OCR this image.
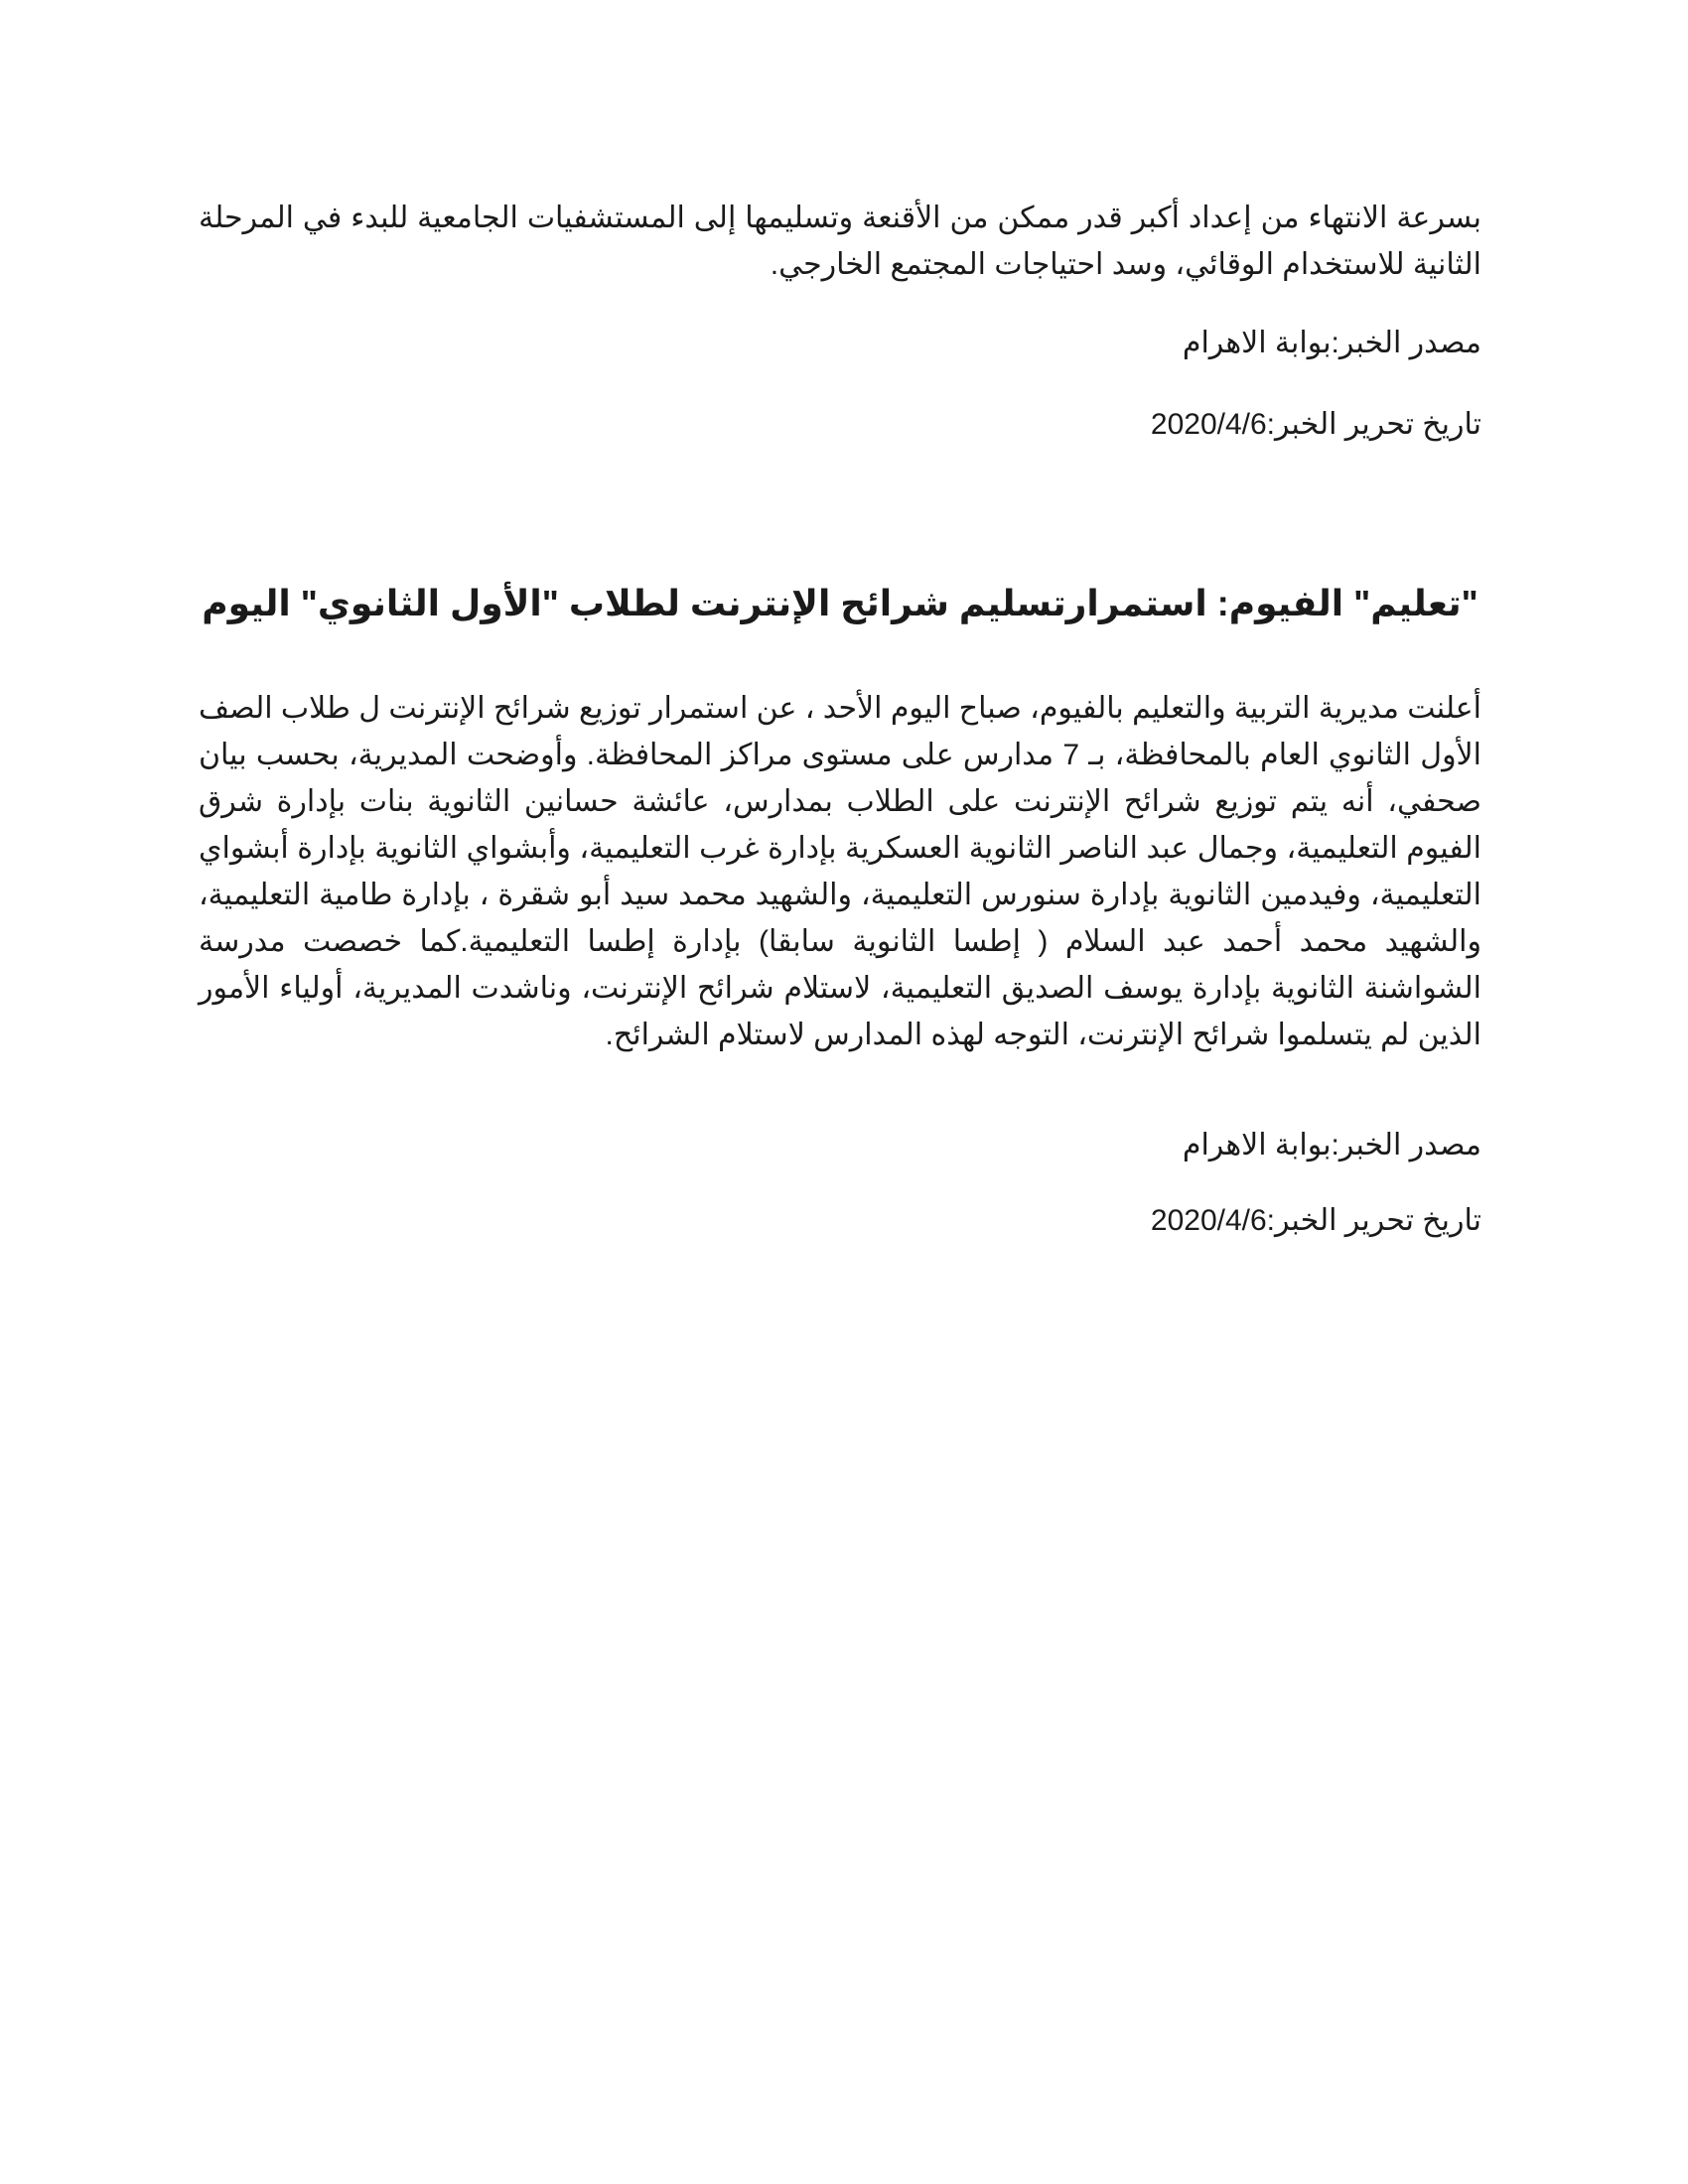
بسرعة الانتهاء من إعداد أكبر قدر ممكن من الأقنعة وتسليمها إلى المستشفيات الجامعية للبدء في المرحلة الثانية للاستخدام الوقائي، وسد احتياجات المجتمع الخارجي.

مصدر الخبر:بوابة الاهرام

تاريخ تحرير الخبر:2020/4/6

"تعليم" الفيوم: استمرارتسليم شرائح الإنترنت لطلاب "الأول الثانوي" اليوم

أعلنت مديرية التربية والتعليم بالفيوم، صباح اليوم الأحد ، عن استمرار توزيع شرائح الإنترنت ل طلاب الصف الأول الثانوي العام بالمحافظة، بـ 7 مدارس على مستوى مراكز المحافظة. وأوضحت المديرية، بحسب بيان صحفي، أنه يتم توزيع شرائح الإنترنت على الطلاب بمدارس، عائشة حسانين الثانوية بنات بإدارة شرق الفيوم التعليمية، وجمال عبد الناصر الثانوية العسكرية بإدارة غرب التعليمية، وأبشواي الثانوية بإدارة أبشواي التعليمية، وفيدمين الثانوية بإدارة سنورس التعليمية، والشهيد محمد سيد أبو شقرة ، بإدارة طامية التعليمية، والشهيد محمد أحمد عبد السلام ( إطسا الثانوية سابقا) بإدارة إطسا التعليمية.كما خصصت مدرسة الشواشنة الثانوية بإدارة يوسف الصديق التعليمية، لاستلام شرائح الإنترنت، وناشدت المديرية، أولياء الأمور الذين لم يتسلموا شرائح الإنترنت، التوجه لهذه المدارس لاستلام الشرائح.

مصدر الخبر:بوابة الاهرام

تاريخ تحرير الخبر:2020/4/6
